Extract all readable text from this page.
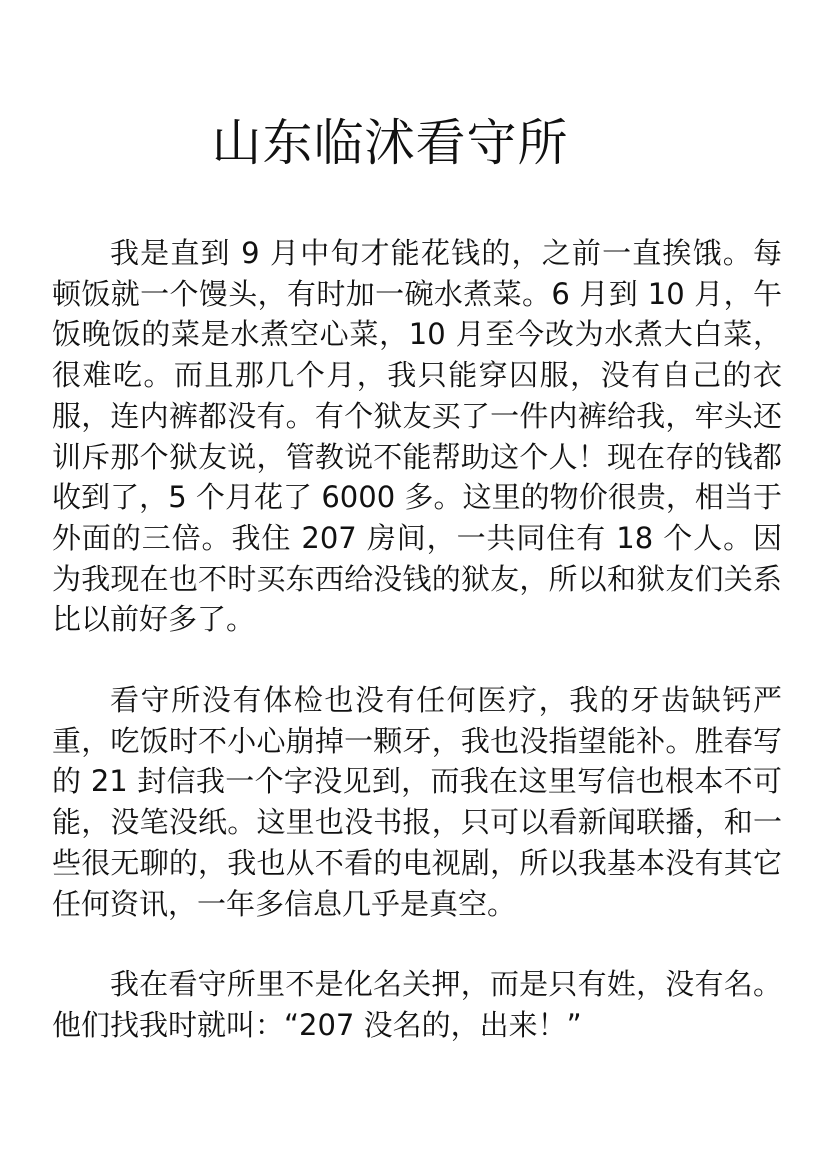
山东临沭看守所

我是直到 9 月中旬才能花钱的，之前一直挨饿。每顿饭就一个馒头，有时加一碗水煮菜。6 月到 10 月，午饭晚饭的菜是水煮空心菜，10 月至今改为水煮大白菜，很难吃。而且那几个月，我只能穿囚服，没有自己的衣服，连内裤都没有。有个狱友买了一件内裤给我，牢头还训斥那个狱友说，管教说不能帮助这个人！现在存的钱都收到了，5 个月花了 6000 多。这里的物价很贵，相当于外面的三倍。我住 207 房间，一共同住有 18 个人。因为我现在也不时买东西给没钱的狱友，所以和狱友们关系比以前好多了。

看守所没有体检也没有任何医疗，我的牙齿缺钙严重，吃饭时不小心崩掉一颗牙，我也没指望能补。胜春写的 21 封信我一个字没见到，而我在这里写信也根本不可能，没笔没纸。这里也没书报，只可以看新闻联播，和一些很无聊的，我也从不看的电视剧，所以我基本没有其它任何资讯，一年多信息几乎是真空。

我在看守所里不是化名关押，而是只有姓，没有名。他们找我时就叫：“207 没名的，出来！”
